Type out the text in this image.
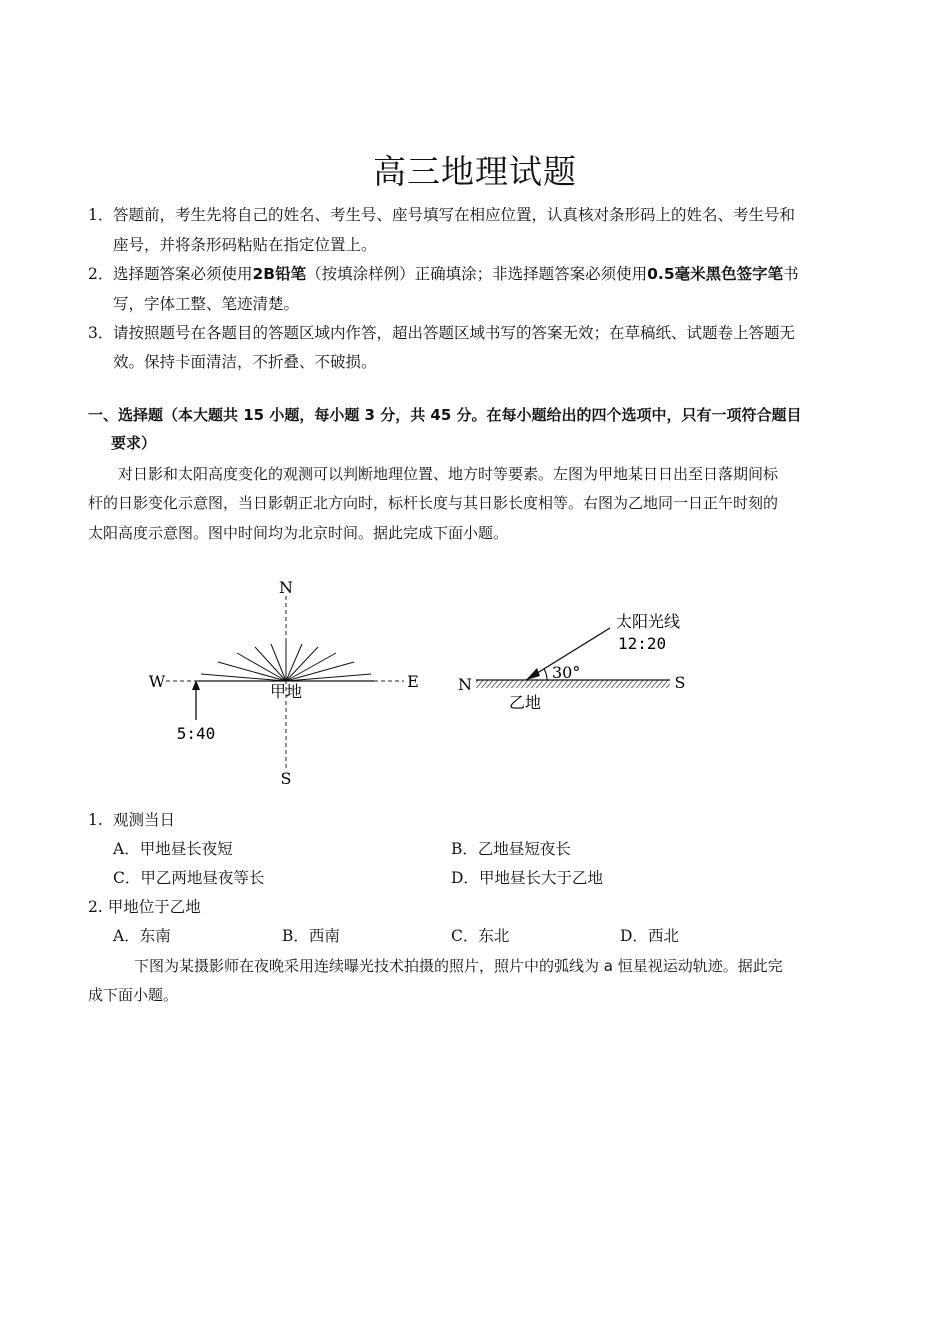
高三地理试题
1． 答题前，考生先将自己的姓名、考生号、座号填写在相应位置，认真核对条形码上的姓名、考生号和
座号，并将条形码粘贴在指定位置上。
2． 选择题答案必须使用2B铅笔（按填涂样例）正确填涂；非选择题答案必须使用0.5毫米黑色签字笔书
写，字体工整、笔迹清楚。
3． 请按照题号在各题目的答题区域内作答，超出答题区域书写的答案无效；在草稿纸、试题卷上答题无
效。保持卡面清洁，不折叠、不破损。
一、选择题（本大题共 15 小题，每小题 3 分，共 45 分。在每小题给出的四个选项中，只有一项符合题目
要求）
对日影和太阳高度变化的观测可以判断地理位置、地方时等要素。左图为甲地某日日出至日落期间标
杆的日影变化示意图，当日影朝正北方向时，标杆长度与其日影长度相等。右图为乙地同一日正午时刻的
太阳高度示意图。图中时间均为北京时间。据此完成下面小题。
N
S
W	E
甲地
5:40
30°
N	S
太阳光线
12:20
乙地
1. 观测当日
A．甲地昼长夜短	B．乙地昼短夜长
C．甲乙两地昼夜等长	D．甲地昼长大于乙地
2. 甲地位于乙地
A．东南	B．西南	C．东北	D．西北
下图为某摄影师在夜晚采用连续曝光技术拍摄的照片，照片中的弧线为 a 恒星视运动轨迹。据此完
成下面小题。
